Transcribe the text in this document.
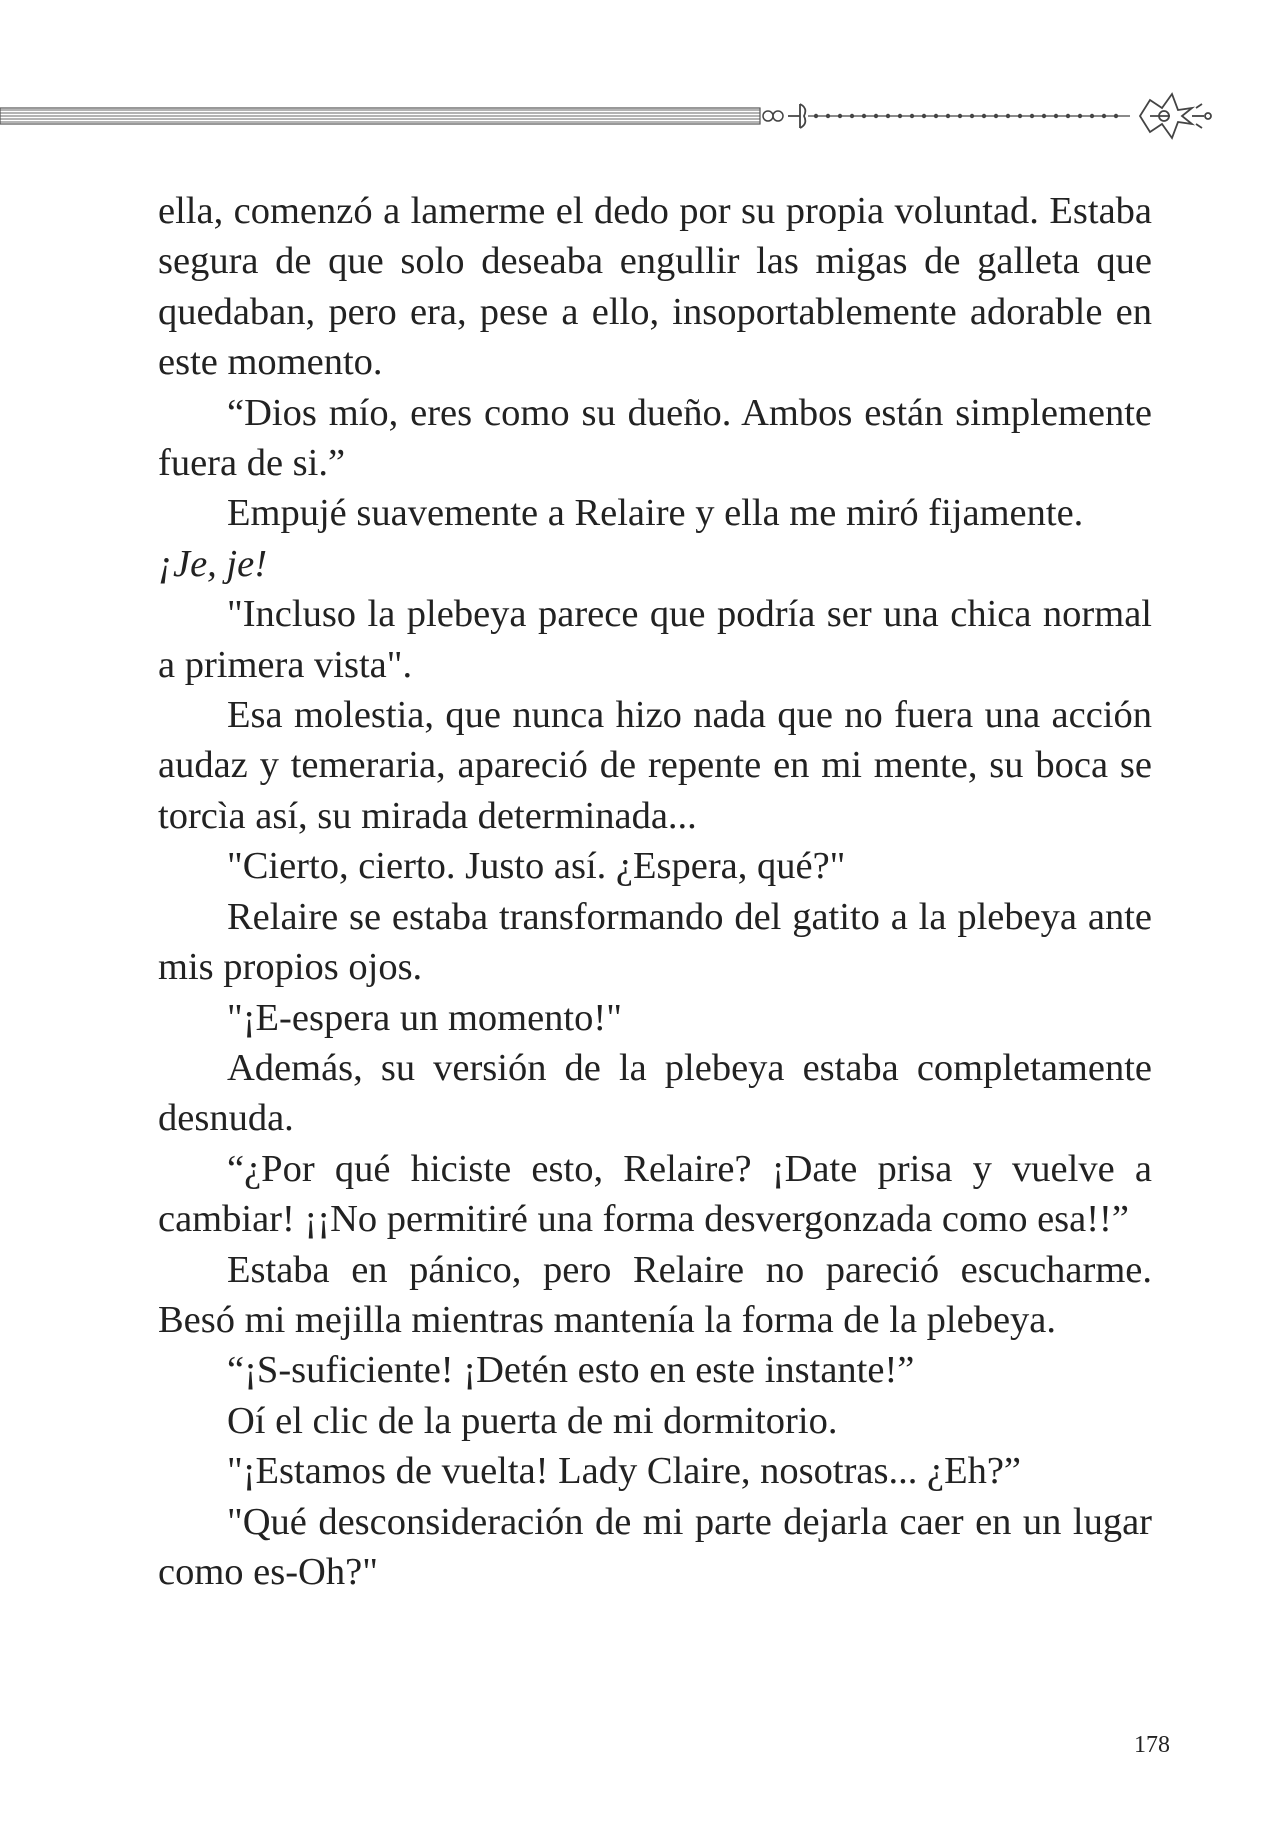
ella, comenzó a lamerme el dedo por su propia voluntad. Estaba segura de que solo deseaba engullir las migas de galleta que quedaban, pero era, pese a ello, insoportablemente adorable en este momento.

“Dios mío, eres como su dueño. Ambos están simplemente fuera de si.”

Empujé suavemente a Relaire y ella me miró fijamente.

¡Je, je!

"Incluso la plebeya parece que podría ser una chica normal a primera vista".

Esa molestia, que nunca hizo nada que no fuera una acción audaz y temeraria, apareció de repente en mi mente, su boca se torcìa así, su mirada determinada...

"Cierto, cierto. Justo así. ¿Espera, qué?"

Relaire se estaba transformando del gatito a la plebeya ante mis propios ojos.

"¡E-espera un momento!"

Además, su versión de la plebeya estaba completamente desnuda.

“¿Por qué hiciste esto, Relaire? ¡Date prisa y vuelve a cambiar! ¡¡No permitiré una forma desvergonzada como esa!!”

Estaba en pánico, pero Relaire no pareció escucharme. Besó mi mejilla mientras mantenía la forma de la plebeya.

“¡S-suficiente! ¡Detén esto en este instante!”

Oí el clic de la puerta de mi dormitorio.

"¡Estamos de vuelta! Lady Claire, nosotras... ¿Eh?”

"Qué desconsideración de mi parte dejarla caer en un lugar como es-Oh?"

178
